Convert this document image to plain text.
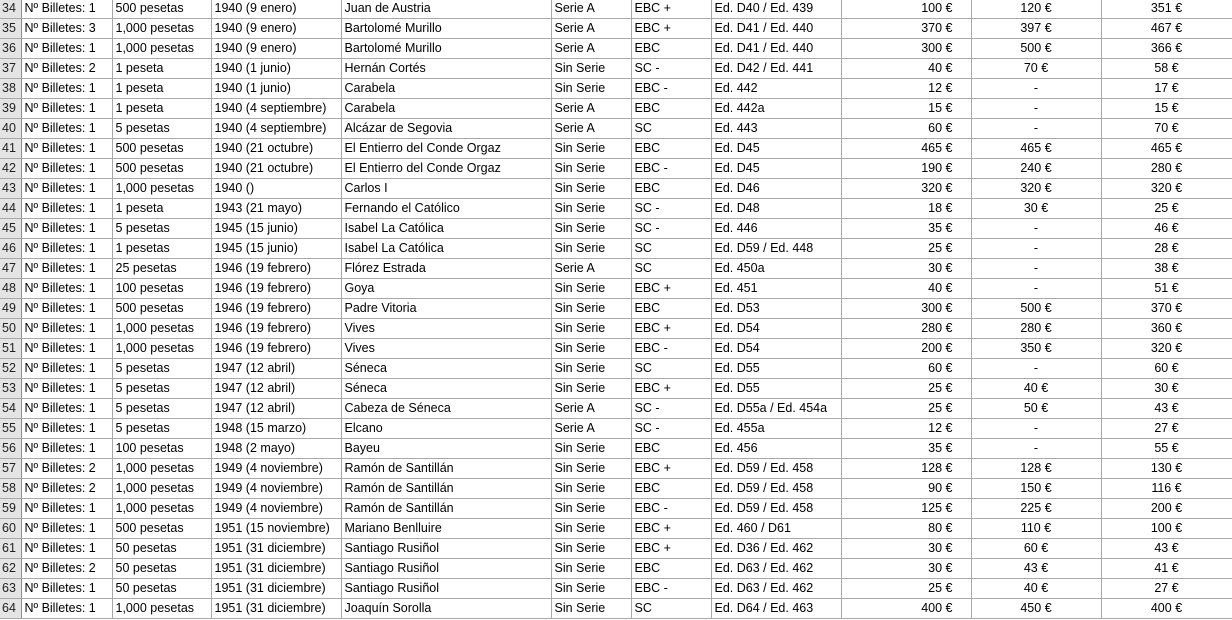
34	Nº Billetes: 1	500 pesetas	1940 (9 enero)	Juan de Austria	Serie A	EBC +	Ed. D40 / Ed. 439	100 €	120 €	351 €
35	Nº Billetes: 3	1,000 pesetas	1940 (9 enero)	Bartolomé Murillo	Serie A	EBC +	Ed. D41 / Ed. 440	370 €	397 €	467 €
36	Nº Billetes: 1	1,000 pesetas	1940 (9 enero)	Bartolomé Murillo	Serie A	EBC	Ed. D41 / Ed. 440	300 €	500 €	366 €
37	Nº Billetes: 2	1 peseta	1940 (1 junio)	Hernán Cortés	Sin Serie	SC -	Ed. D42 / Ed. 441	40 €	70 €	58 €
38	Nº Billetes: 1	1 peseta	1940 (1 junio)	Carabela	Sin Serie	EBC -	Ed. 442	12 €	-	17 €
39	Nº Billetes: 1	1 peseta	1940 (4 septiembre)	Carabela	Serie A	EBC	Ed. 442a	15 €	-	15 €
40	Nº Billetes: 1	5 pesetas	1940 (4 septiembre)	Alcázar de Segovia	Serie A	SC	Ed. 443	60 €	-	70 €
41	Nº Billetes: 1	500 pesetas	1940 (21 octubre)	El Entierro del Conde Orgaz	Sin Serie	EBC	Ed. D45	465 €	465 €	465 €
42	Nº Billetes: 1	500 pesetas	1940 (21 octubre)	El Entierro del Conde Orgaz	Sin Serie	EBC -	Ed. D45	190 €	240 €	280 €
43	Nº Billetes: 1	1,000 pesetas	1940 ()	Carlos I	Sin Serie	EBC	Ed. D46	320 €	320 €	320 €
44	Nº Billetes: 1	1 peseta	1943 (21 mayo)	Fernando el Católico	Sin Serie	SC -	Ed. D48	18 €	30 €	25 €
45	Nº Billetes: 1	5 pesetas	1945 (15 junio)	Isabel La Católica	Sin Serie	SC -	Ed. 446	35 €	-	46 €
46	Nº Billetes: 1	1 pesetas	1945 (15 junio)	Isabel La Católica	Sin Serie	SC	Ed. D59 / Ed. 448	25 €	-	28 €
47	Nº Billetes: 1	25 pesetas	1946 (19 febrero)	Flórez Estrada	Serie A	SC	Ed. 450a	30 €	-	38 €
48	Nº Billetes: 1	100 pesetas	1946 (19 febrero)	Goya	Sin Serie	EBC +	Ed. 451	40 €	-	51 €
49	Nº Billetes: 1	500 pesetas	1946 (19 febrero)	Padre Vitoria	Sin Serie	EBC	Ed. D53	300 €	500 €	370 €
50	Nº Billetes: 1	1,000 pesetas	1946 (19 febrero)	Vives	Sin Serie	EBC +	Ed. D54	280 €	280 €	360 €
51	Nº Billetes: 1	1,000 pesetas	1946 (19 febrero)	Vives	Sin Serie	EBC -	Ed. D54	200 €	350 €	320 €
52	Nº Billetes: 1	5 pesetas	1947 (12 abril)	Séneca	Sin Serie	SC	Ed. D55	60 €	-	60 €
53	Nº Billetes: 1	5 pesetas	1947 (12 abril)	Séneca	Sin Serie	EBC +	Ed. D55	25 €	40 €	30 €
54	Nº Billetes: 1	5 pesetas	1947 (12 abril)	Cabeza de Séneca	Serie A	SC -	Ed. D55a / Ed. 454a	25 €	50 €	43 €
55	Nº Billetes: 1	5 pesetas	1948 (15 marzo)	Elcano	Serie A	SC -	Ed. 455a	12 €	-	27 €
56	Nº Billetes: 1	100 pesetas	1948 (2 mayo)	Bayeu	Sin Serie	EBC	Ed. 456	35 €	-	55 €
57	Nº Billetes: 2	1,000 pesetas	1949 (4 noviembre)	Ramón de Santillán	Sin Serie	EBC +	Ed. D59 / Ed. 458	128 €	128 €	130 €
58	Nº Billetes: 2	1,000 pesetas	1949 (4 noviembre)	Ramón de Santillán	Sin Serie	EBC	Ed. D59 / Ed. 458	90 €	150 €	116 €
59	Nº Billetes: 1	1,000 pesetas	1949 (4 noviembre)	Ramón de Santillán	Sin Serie	EBC -	Ed. D59 / Ed. 458	125 €	225 €	200 €
60	Nº Billetes: 1	500 pesetas	1951 (15 noviembre)	Mariano Benlluire	Sin Serie	EBC +	Ed. 460 / D61	80 €	110 €	100 €
61	Nº Billetes: 1	50 pesetas	1951 (31 diciembre)	Santiago Rusiñol	Sin Serie	EBC +	Ed. D36 / Ed. 462	30 €	60 €	43 €
62	Nº Billetes: 2	50 pesetas	1951 (31 diciembre)	Santiago Rusiñol	Sin Serie	EBC	Ed. D63 / Ed. 462	30 €	43 €	41 €
63	Nº Billetes: 1	50 pesetas	1951 (31 diciembre)	Santiago Rusiñol	Sin Serie	EBC -	Ed. D63 / Ed. 462	25 €	40 €	27 €
64	Nº Billetes: 1	1,000 pesetas	1951 (31 diciembre)	Joaquín Sorolla	Sin Serie	SC	Ed. D64 / Ed. 463	400 €	450 €	400 €
